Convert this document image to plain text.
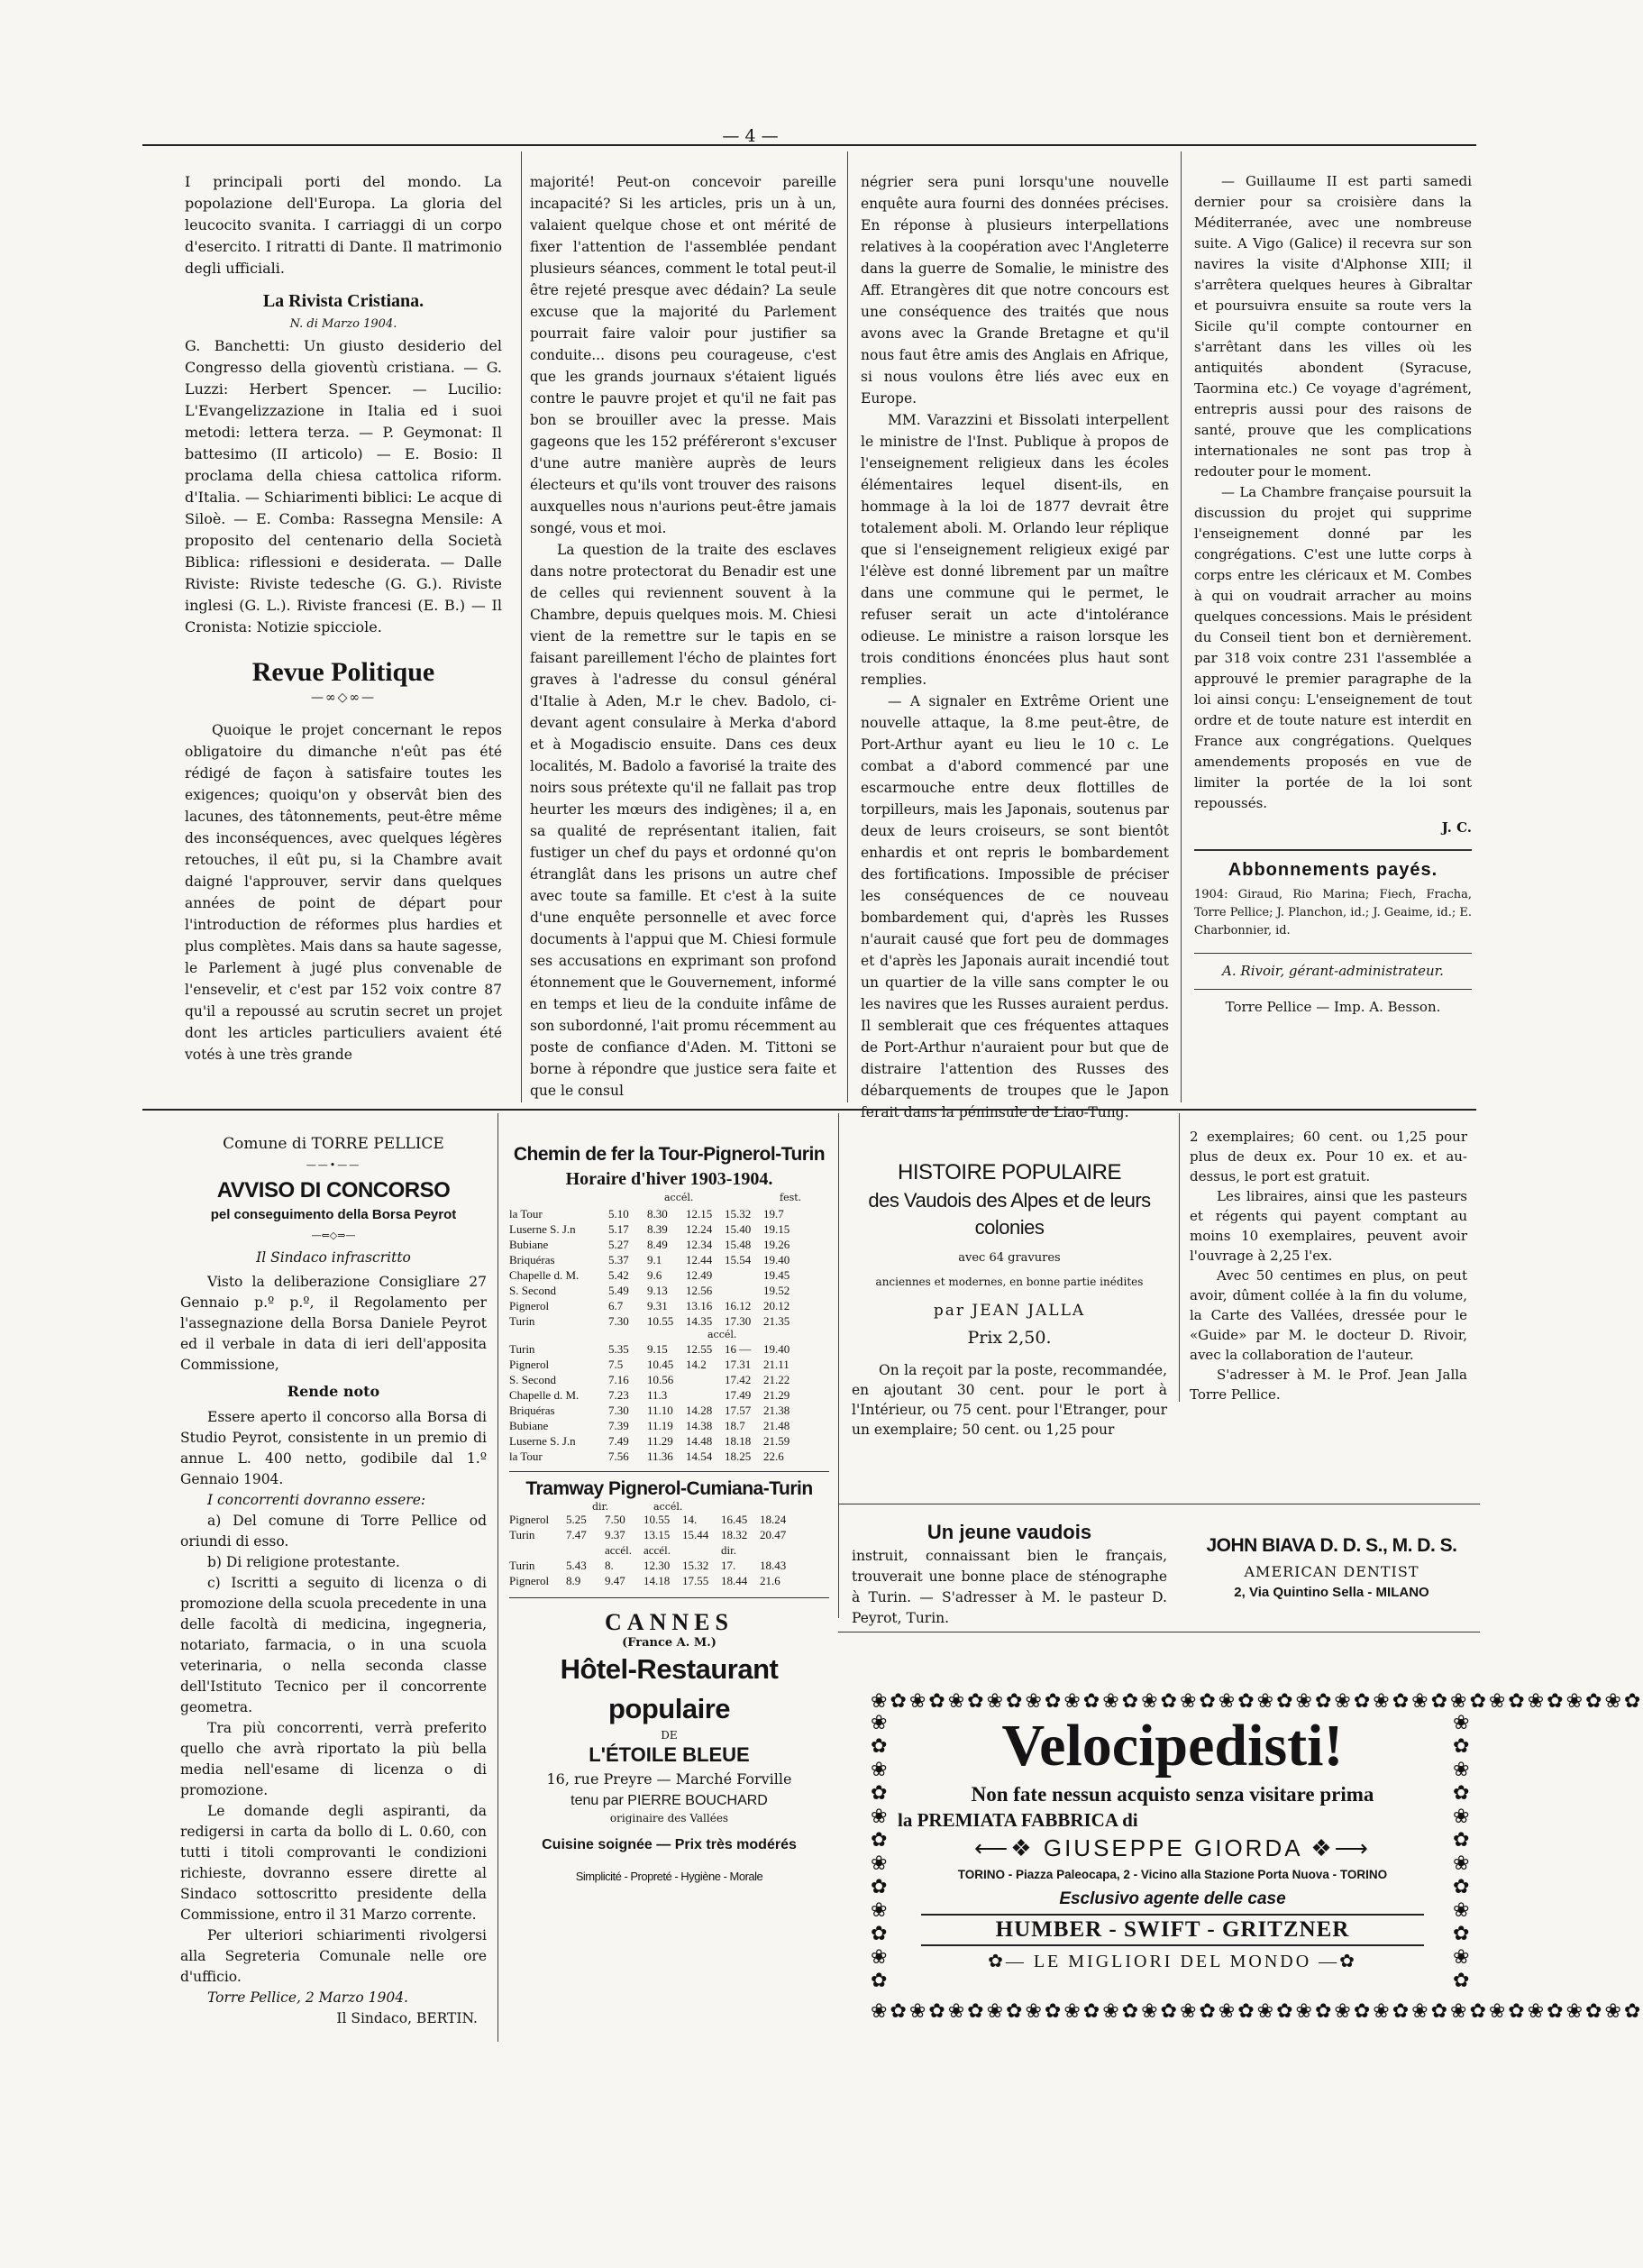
— 4 —

I principali porti del mondo. La popolazione dell'Europa. La gloria del leucocito svanita. I carriaggi di un corpo d'esercito. I ritratti di Dante. Il matrimonio degli ufficiali.

La Rivista Cristiana.
N. di Marzo 1904.

G. Banchetti: Un giusto desiderio del Congresso della gioventù cristiana. — G. Luzzi: Herbert Spencer. — Lucilio: L'Evangelizzazione in Italia ed i suoi metodi: lettera terza. — P. Geymonat: Il battesimo (II articolo) — E. Bosio: Il proclama della chiesa cattolica riform. d'Italia. — Schiarimenti biblici: Le acque di Siloè. — E. Comba: Rassegna Mensile: A proposito del centenario della Società Biblica: riflessioni e desiderata. — Dalle Riviste: Riviste tedesche (G. G.). Riviste inglesi (G. L.). Riviste francesi (E. B.) — Il Cronista: Notizie spicciole.

Revue Politique
—∞◇∞—

Quoique le projet concernant le repos obligatoire du dimanche n'eût pas été rédigé de façon à satisfaire toutes les exigences; quoiqu'on y observât bien des lacunes, des tâtonnements, peut-être même des inconséquences, avec quelques légères retouches, il eût pu, si la Chambre avait daigné l'approuver, servir dans quelques années de point de départ pour l'introduction de réformes plus hardies et plus complètes. Mais dans sa haute sagesse, le Parlement à jugé plus convenable de l'ensevelir, et c'est par 152 voix contre 87 qu'il a repoussé au scrutin secret un projet dont les articles particuliers avaient été votés à une très grande

majorité! Peut-on concevoir pareille incapacité? Si les articles, pris un à un, valaient quelque chose et ont mérité de fixer l'attention de l'assemblée pendant plusieurs séances, comment le total peut-il être rejeté presque avec dédain? La seule excuse que la majorité du Parlement pourrait faire valoir pour justifier sa conduite... disons peu courageuse, c'est que les grands journaux s'étaient ligués contre le pauvre projet et qu'il ne fait pas bon se brouiller avec la presse. Mais gageons que les 152 préféreront s'excuser d'une autre manière auprès de leurs électeurs et qu'ils vont trouver des raisons auxquelles nous n'aurions peut-être jamais songé, vous et moi.

La question de la traite des esclaves dans notre protectorat du Benadir est une de celles qui reviennent souvent à la Chambre, depuis quelques mois. M. Chiesi vient de la remettre sur le tapis en se faisant pareillement l'écho de plaintes fort graves à l'adresse du consul général d'Italie à Aden, M.r le chev. Badolo, ci-devant agent consulaire à Merka d'abord et à Mogadiscio ensuite. Dans ces deux localités, M. Badolo a favorisé la traite des noirs sous prétexte qu'il ne fallait pas trop heurter les mœurs des indigènes; il a, en sa qualité de représentant italien, fait fustiger un chef du pays et ordonné qu'on étranglât dans les prisons un autre chef avec toute sa famille. Et c'est à la suite d'une enquête personnelle et avec force documents à l'appui que M. Chiesi formule ses accusations en exprimant son profond étonnement que le Gouvernement, informé en temps et lieu de la conduite infâme de son subordonné, l'ait promu récemment au poste de confiance d'Aden. M. Tittoni se borne à répondre que justice sera faite et que le consul

négrier sera puni lorsqu'une nouvelle enquête aura fourni des données précises. En réponse à plusieurs interpellations relatives à la coopération avec l'Angleterre dans la guerre de Somalie, le ministre des Aff. Etrangères dit que notre concours est une conséquence des traités que nous avons avec la Grande Bretagne et qu'il nous faut être amis des Anglais en Afrique, si nous voulons être liés avec eux en Europe.

MM. Varazzini et Bissolati interpellent le ministre de l'Inst. Publique à propos de l'enseignement religieux dans les écoles élémentaires lequel disent-ils, en hommage à la loi de 1877 devrait être totalement aboli. M. Orlando leur réplique que si l'enseignement religieux exigé par l'élève est donné librement par un maître dans une commune qui le permet, le refuser serait un acte d'intolérance odieuse. Le ministre a raison lorsque les trois conditions énoncées plus haut sont remplies.

— A signaler en Extrême Orient une nouvelle attaque, la 8.me peut-être, de Port-Arthur ayant eu lieu le 10 c. Le combat a d'abord commencé par une escarmouche entre deux flottilles de torpilleurs, mais les Japonais, soutenus par deux de leurs croiseurs, se sont bientôt enhardis et ont repris le bombardement des fortifications. Impossible de préciser les conséquences de ce nouveau bombardement qui, d'après les Russes n'aurait causé que fort peu de dommages et d'après les Japonais aurait incendié tout un quartier de la ville sans compter le ou les navires que les Russes auraient perdus. Il semblerait que ces fréquentes attaques de Port-Arthur n'auraient pour but que de distraire l'attention des Russes des débarquements de troupes que le Japon ferait dans la péninsule de Liao-Tung.

— Guillaume II est parti samedi dernier pour sa croisière dans la Méditerranée, avec une nombreuse suite. A Vigo (Galice) il recevra sur son navires la visite d'Alphonse XIII; il s'arrêtera quelques heures à Gibraltar et poursuivra ensuite sa route vers la Sicile qu'il compte contourner en s'arrêtant dans les villes où les antiquités abondent (Syracuse, Taormina etc.) Ce voyage d'agrément, entrepris aussi pour des raisons de santé, prouve que les complications internationales ne sont pas trop à redouter pour le moment.

— La Chambre française poursuit la discussion du projet qui supprime l'enseignement donné par les congrégations. C'est une lutte corps à corps entre les cléricaux et M. Combes à qui on voudrait arracher au moins quelques concessions. Mais le président du Conseil tient bon et dernièrement. par 318 voix contre 231 l'assemblée a approuvé le premier paragraphe de la loi ainsi conçu: L'enseignement de tout ordre et de toute nature est interdit en France aux congrégations. Quelques amendements proposés en vue de limiter la portée de la loi sont repoussés.

J. C.
Abbonnements payés.

1904: Giraud, Rio Marina; Fiech, Fracha, Torre Pellice; J. Planchon, id.; J. Geaime, id.; E. Charbonnier, id.

A. Rivoir, gérant-administrateur.
Torre Pellice — Imp. A. Besson.
Comune di TORRE PELLICE
——•——
AVVISO DI CONCORSO
pel conseguimento della Borsa Peyrot
—⇐◇⇒—
Il Sindaco infrascritto

Visto la deliberazione Consigliare 27 Gennaio p.º p.º, il Regolamento per l'assegnazione della Borsa Daniele Peyrot ed il verbale in data di ieri dell'apposita Commissione,

Rende noto

Essere aperto il concorso alla Borsa di Studio Peyrot, consistente in un premio di annue L. 400 netto, godibile dal 1.º Gennaio 1904.

I concorrenti dovranno essere:

a) Del comune di Torre Pellice od oriundi di esso.

b) Di religione protestante.

c) Iscritti a seguito di licenza o di promozione della scuola precedente in una delle facoltà di medicina, ingegneria, notariato, farmacia, o in una scuola veterinaria, o nella seconda classe dell'Istituto Tecnico per il concorrente geometra.

Tra più concorrenti, verrà preferito quello che avrà riportato la più bella media nell'esame di licenza o di promozione.

Le domande degli aspiranti, da redigersi in carta da bollo di L. 0.60, con tutti i titoli comprovanti le condizioni richieste, dovranno essere dirette al Sindaco sottoscritto presidente della Commissione, entro il 31 Marzo corrente.

Per ulteriori schiarimenti rivolgersi alla Segreteria Comunale nelle ore d'ufficio.

Torre Pellice, 2 Marzo 1904.

Il Sindaco, BERTIN.

Chemin de fer la Tour-Pignerol-Turin
Horaire d'hiver 1903-1904.
accél.	fest.
la Tour	5.10	8.30	12.15	15.32	19.7
Luserne S. J.n	5.17	8.39	12.24	15.40	19.15
Bubiane	5.27	8.49	12.34	15.48	19.26
Briquéras	5.37	9.1	12.44	15.54	19.40
Chapelle d. M.	5.42	9.6	12.49		19.45
S. Second	5.49	9.13	12.56		19.52
Pignerol	6.7	9.31	13.16	16.12	20.12
Turin	7.30	10.55	14.35	17.30	21.35
accél.
Turin	5.35	9.15	12.55	16 —	19.40
Pignerol	7.5	10.45	14.2	17.31	21.11
S. Second	7.16	10.56		17.42	21.22
Chapelle d. M.	7.23	11.3		17.49	21.29
Briquéras	7.30	11.10	14.28	17.57	21.38
Bubiane	7.39	11.19	14.38	18.7	21.48
Luserne S. J.n	7.49	11.29	14.48	18.18	21.59
la Tour	7.56	11.36	14.54	18.25	22.6
Tramway Pignerol-Cumiana-Turin
dir.	accél.
Pignerol	5.25	7.50	10.55	14.	16.45	18.24
Turin	7.47	9.37	13.15	15.44	18.32	20.47
		accél.	accél.		dir.	
Turin	5.43	8.	12.30	15.32	17.	18.43
Pignerol	8.9	9.47	14.18	17.55	18.44	21.6
CANNES
(France A. M.)
Hôtel-Restaurant populaire
DE
L'ÉTOILE BLEUE
16, rue Preyre — Marché Forville
tenu par PIERRE BOUCHARD
originaire des Vallées
Cuisine soignée — Prix très modérés
Simplicité - Propreté - Hygiène - Morale
HISTOIRE POPULAIRE
des Vaudois des Alpes et de leurs colonies
avec 64 gravures
anciennes et modernes, en bonne partie inédites
par JEAN JALLA
Prix 2,50.

On la reçoit par la poste, recommandée, en ajoutant 30 cent. pour le port à l'Intérieur, ou 75 cent. pour l'Etranger, pour un exemplaire; 50 cent. ou 1,25 pour

2 exemplaires; 60 cent. ou 1,25 pour plus de deux ex. Pour 10 ex. et au-dessus, le port est gratuit.

Les libraires, ainsi que les pasteurs et régents qui payent comptant au moins 10 exemplaires, peuvent avoir l'ouvrage à 2,25 l'ex.

Avec 50 centimes en plus, on peut avoir, dûment collée à la fin du volume, la Carte des Vallées, dressée pour le «Guide» par M. le docteur D. Rivoir, avec la collaboration de l'auteur.

S'adresser à M. le Prof. Jean Jalla Torre Pellice.

Un jeune vaudois

instruit, connaissant bien le français, trouverait une bonne place de sténographe à Turin. — S'adresser à M. le pasteur D. Peyrot, Turin.

JOHN BIAVA D. D. S., M. D. S.
AMERICAN DENTIST
2, Via Quintino Sella - MILANO
❀✿❀✿❀✿❀✿❀✿❀✿❀✿❀✿❀✿❀✿❀✿❀✿❀✿❀✿❀✿❀✿❀✿❀✿❀✿❀✿
❀✿❀✿❀✿❀✿❀✿❀✿❀✿❀✿❀✿❀✿❀✿❀✿❀✿❀✿❀✿❀✿❀✿❀✿❀✿❀✿
❀ ✿ ❀ ✿ ❀ ✿ ❀ ✿ ❀ ✿ ❀ ✿
❀ ✿ ❀ ✿ ❀ ✿ ❀ ✿ ❀ ✿ ❀ ✿
Velocipedisti!
Non fate nessun acquisto senza visitare prima
la PREMIATA FABBRICA di
⟵❖ GIUSEPPE GIORDA ❖⟶
TORINO - Piazza Paleocapa, 2 - Vicino alla Stazione Porta Nuova - TORINO
Esclusivo agente delle case
HUMBER - SWIFT - GRITZNER
✿— LE MIGLIORI DEL MONDO —✿
